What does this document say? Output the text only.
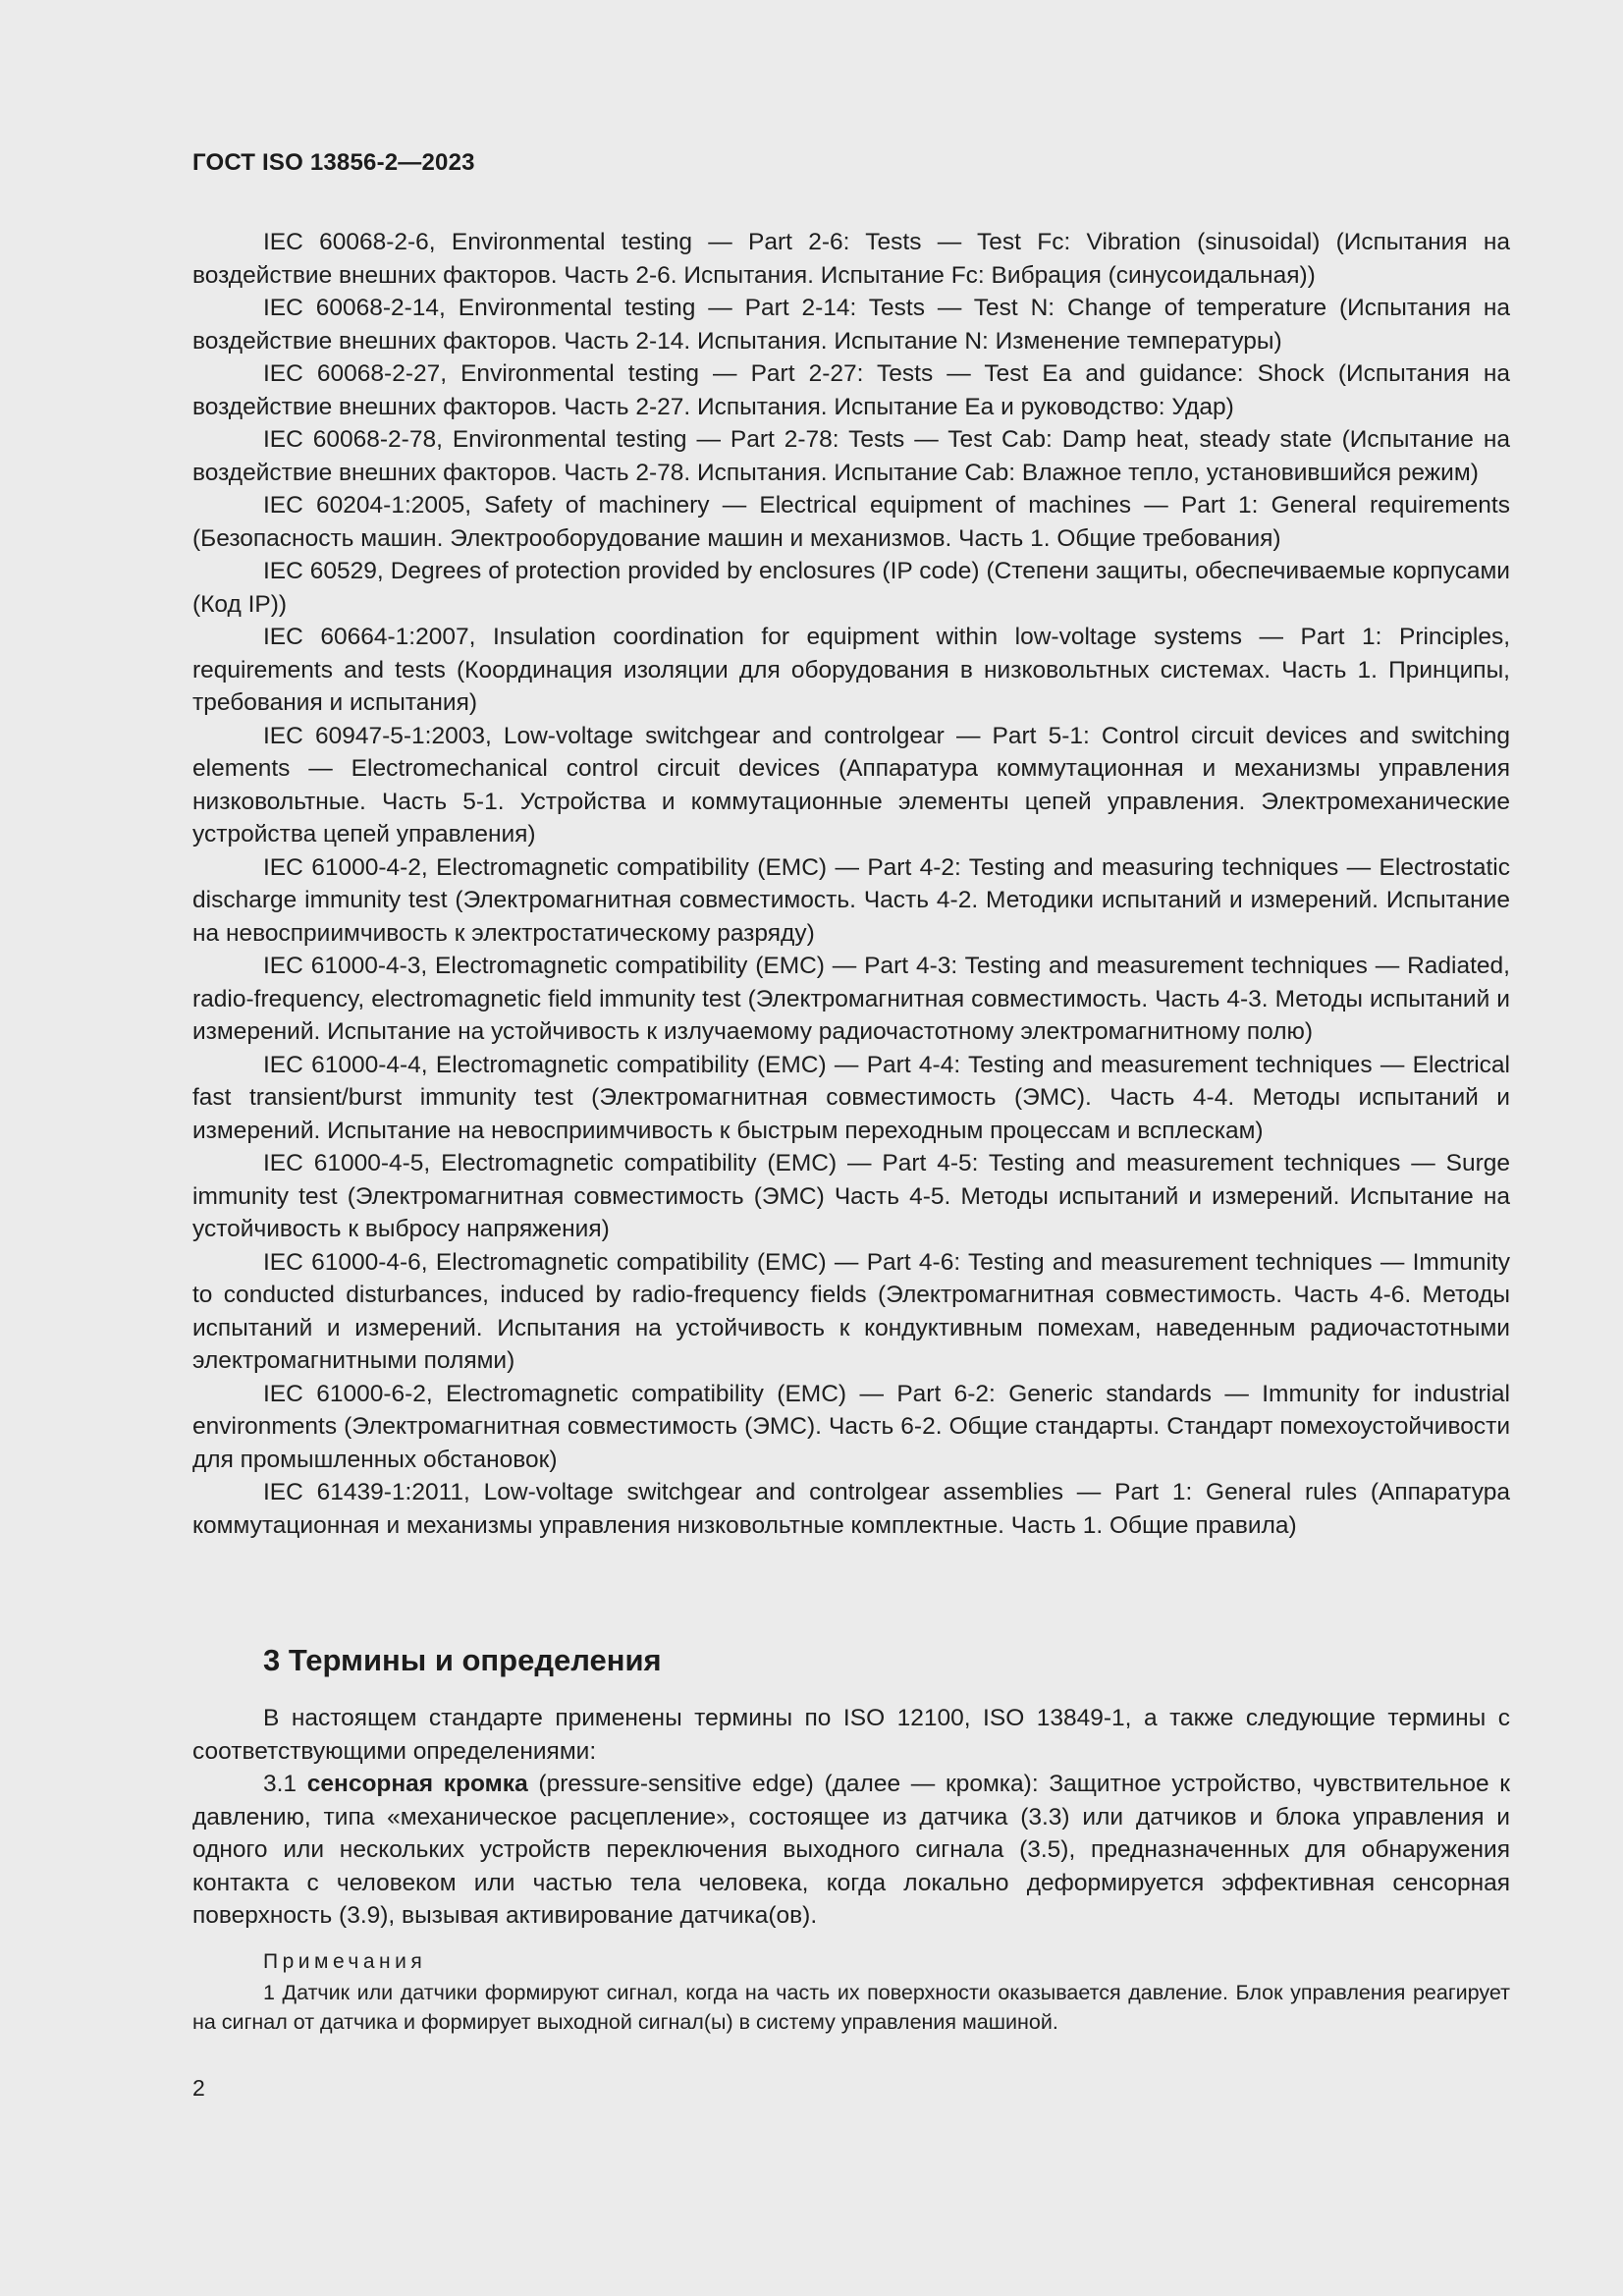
ГОСТ ISO 13856-2—2023

IEC 60068-2-6, Environmental testing — Part 2-6: Tests — Test Fc: Vibration (sinusoidal) (Испытания на воздействие внешних факторов. Часть 2-6. Испытания. Испытание Fc: Вибрация (синусоидальная))

IEC 60068-2-14, Environmental testing — Part 2-14: Tests — Test N: Change of temperature (Испытания на воздействие внешних факторов. Часть 2-14. Испытания. Испытание N: Изменение температуры)

IEC 60068-2-27, Environmental testing — Part 2-27: Tests — Test Ea and guidance: Shock (Испытания на воздействие внешних факторов. Часть 2-27. Испытания. Испытание Еа и руководство: Удар)

IEC 60068-2-78, Environmental testing — Part 2-78: Tests — Test Cab: Damp heat, steady state (Испытание на воздействие внешних факторов. Часть 2-78. Испытания. Испытание Cab: Влажное тепло, установившийся режим)

IEC 60204-1:2005, Safety of machinery — Electrical equipment of machines — Part 1: General requirements (Безопасность машин. Электрооборудование машин и механизмов. Часть 1. Общие требования)

IEC 60529, Degrees of protection provided by enclosures (IP code) (Степени защиты, обеспечиваемые корпусами (Код IP))

IEC 60664-1:2007, Insulation coordination for equipment within low-voltage systems — Part 1: Principles, requirements and tests (Координация изоляции для оборудования в низковольтных системах. Часть 1. Принципы, требования и испытания)

IEC 60947-5-1:2003, Low-voltage switchgear and controlgear — Part 5-1: Control circuit devices and switching elements — Electromechanical control circuit devices (Аппаратура коммутационная и механизмы управления низковольтные. Часть 5-1. Устройства и коммутационные элементы цепей управления. Электромеханические устройства цепей управления)

IEC 61000-4-2, Electromagnetic compatibility (EMC) — Part 4-2: Testing and measuring techniques — Electrostatic discharge immunity test (Электромагнитная совместимость. Часть 4-2. Методики испытаний и измерений. Испытание на невосприимчивость к электростатическому разряду)

IEC 61000-4-3, Electromagnetic compatibility (EMC) — Part 4-3: Testing and measurement techniques — Radiated, radio-frequency, electromagnetic field immunity test (Электромагнитная совместимость. Часть 4-3. Методы испытаний и измерений. Испытание на устойчивость к излучаемому радиочастотному электромагнитному полю)

IEC 61000-4-4, Electromagnetic compatibility (EMC) — Part 4-4: Testing and measurement techniques — Electrical fast transient/burst immunity test (Электромагнитная совместимость (ЭМС). Часть 4-4. Методы испытаний и измерений. Испытание на невосприимчивость к быстрым переходным процессам и всплескам)

IEC 61000-4-5, Electromagnetic compatibility (EMC) — Part 4-5: Testing and measurement techniques — Surge immunity test (Электромагнитная совместимость (ЭМС) Часть 4-5. Методы испытаний и измерений. Испытание на устойчивость к выбросу напряжения)

IEC 61000-4-6, Electromagnetic compatibility (EMC) — Part 4-6: Testing and measurement techniques — Immunity to conducted disturbances, induced by radio-frequency fields (Электромагнитная совместимость. Часть 4-6. Методы испытаний и измерений. Испытания на устойчивость к кондуктивным помехам, наведенным радиочастотными электромагнитными полями)

IEC 61000-6-2, Electromagnetic compatibility (EMC) — Part 6-2: Generic standards — Immunity for industrial environments (Электромагнитная совместимость (ЭМС). Часть 6-2. Общие стандарты. Стандарт помехоустойчивости для промышленных обстановок)

IEC 61439-1:2011, Low-voltage switchgear and controlgear assemblies — Part 1: General rules (Аппаратура коммутационная и механизмы управления низковольтные комплектные. Часть 1. Общие правила)

3 Термины и определения

В настоящем стандарте применены термины по ISO 12100, ISO 13849-1, а также следующие термины с соответствующими определениями:

3.1 сенсорная кромка (pressure-sensitive edge) (далее — кромка): Защитное устройство, чувствительное к давлению, типа «механическое расцепление», состоящее из датчика (3.3) или датчиков и блока управления и одного или нескольких устройств переключения выходного сигнала (3.5), предназначенных для обнаружения контакта с человеком или частью тела человека, когда локально деформируется эффективная сенсорная поверхность (3.9), вызывая активирование датчика(ов).

Примечания

1 Датчик или датчики формируют сигнал, когда на часть их поверхности оказывается давление. Блок управления реагирует на сигнал от датчика и формирует выходной сигнал(ы) в систему управления машиной.

2
